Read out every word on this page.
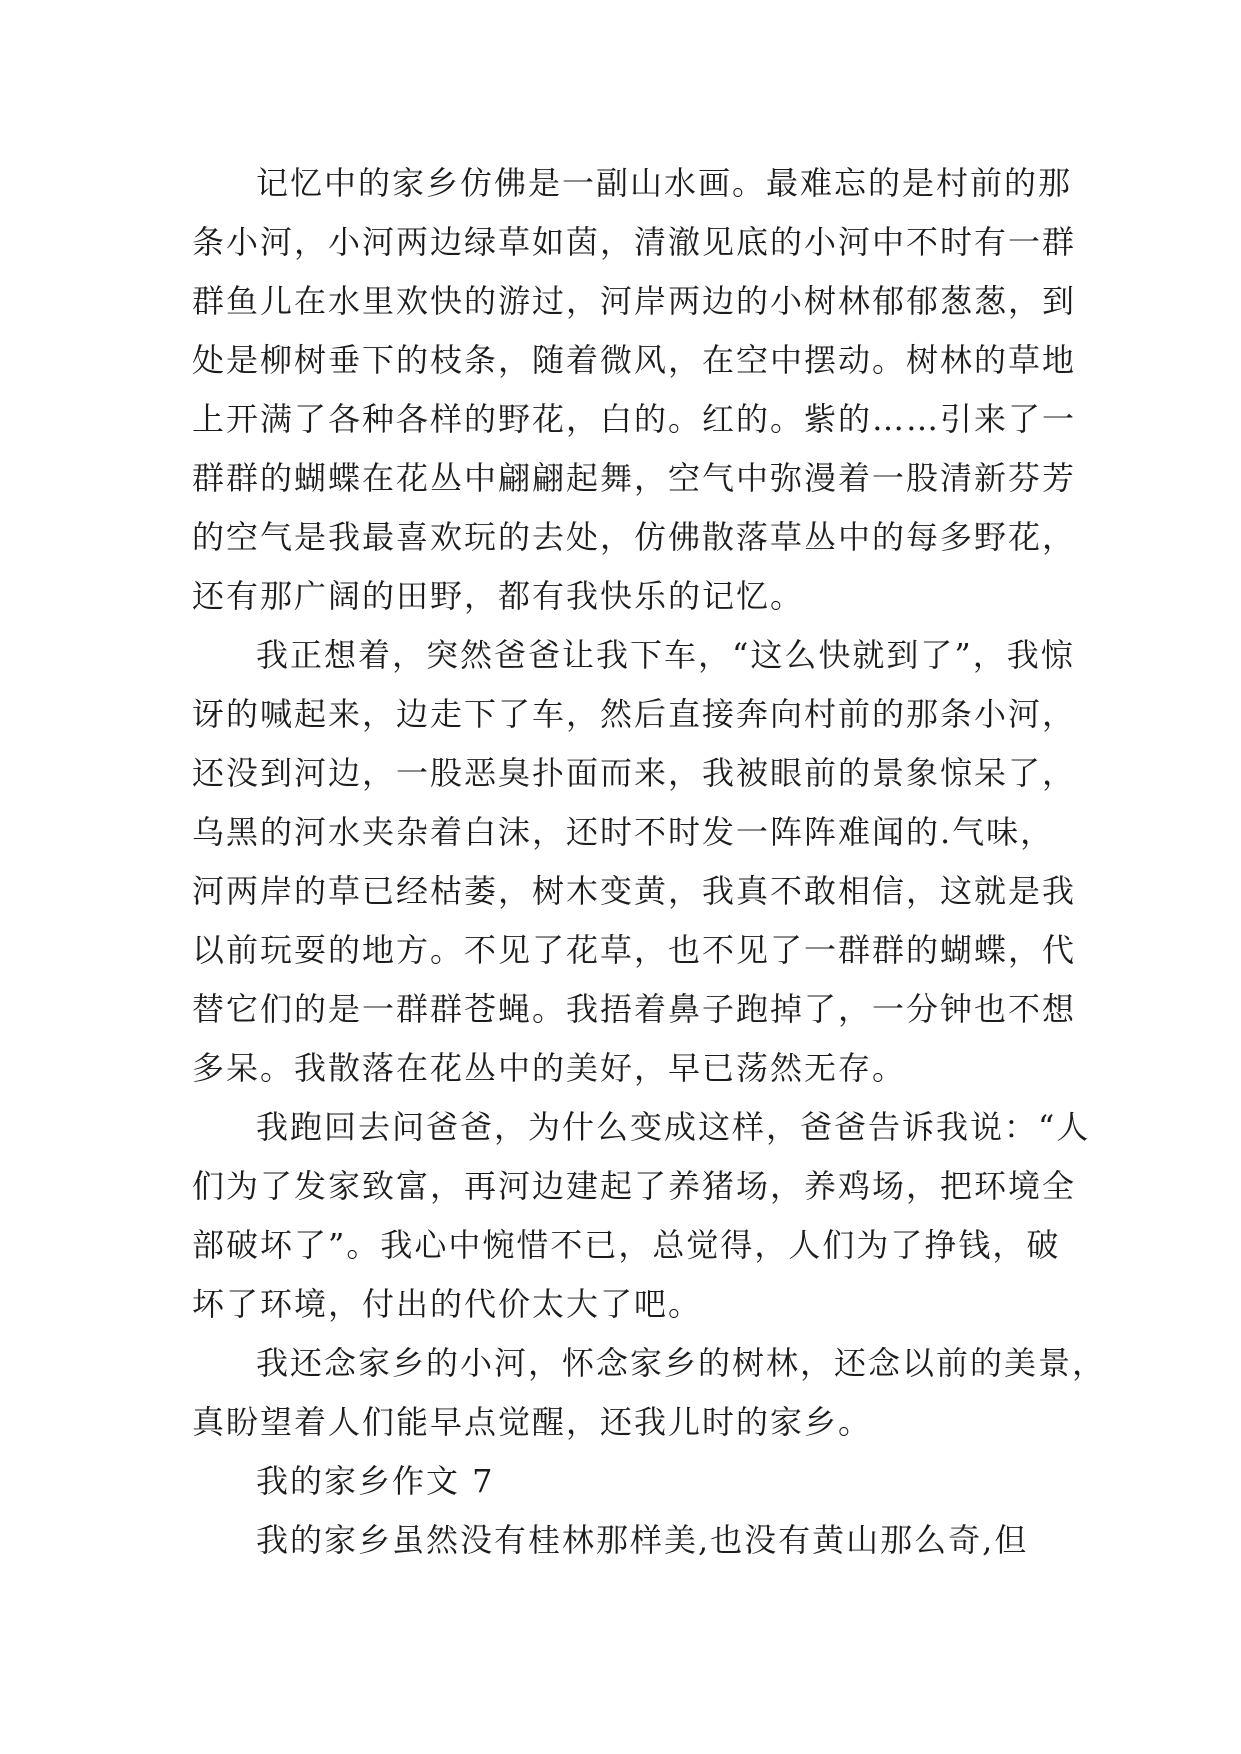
记忆中的家乡仿佛是一副山水画。最难忘的是村前的那
条小河，小河两边绿草如茵，清澈见底的小河中不时有一群
群鱼儿在水里欢快的游过，河岸两边的小树林郁郁葱葱，到
处是柳树垂下的枝条，随着微风，在空中摆动。树林的草地
上开满了各种各样的野花，白的。红的。紫的……引来了一
群群的蝴蝶在花丛中翩翩起舞，空气中弥漫着一股清新芬芳
的空气是我最喜欢玩的去处，仿佛散落草丛中的每多野花，
还有那广阔的田野，都有我快乐的记忆。
我正想着，突然爸爸让我下车，“这么快就到了”，我惊
讶的喊起来，边走下了车，然后直接奔向村前的那条小河，
还没到河边，一股恶臭扑面而来，我被眼前的景象惊呆了，
乌黑的河水夹杂着白沫，还时不时发一阵阵难闻的.气味，
河两岸的草已经枯萎，树木变黄，我真不敢相信，这就是我
以前玩耍的地方。不见了花草，也不见了一群群的蝴蝶，代
替它们的是一群群苍蝇。我捂着鼻子跑掉了，一分钟也不想
多呆。我散落在花丛中的美好，早已荡然无存。
我跑回去问爸爸，为什么变成这样，爸爸告诉我说：“人
们为了发家致富，再河边建起了养猪场，养鸡场，把环境全
部破坏了”。我心中惋惜不已，总觉得，人们为了挣钱，破
坏了环境，付出的代价太大了吧。
我还念家乡的小河，怀念家乡的树林，还念以前的美景，
真盼望着人们能早点觉醒，还我儿时的家乡。
我的家乡作文 7
我的家乡虽然没有桂林那样美,也没有黄山那么奇,但
